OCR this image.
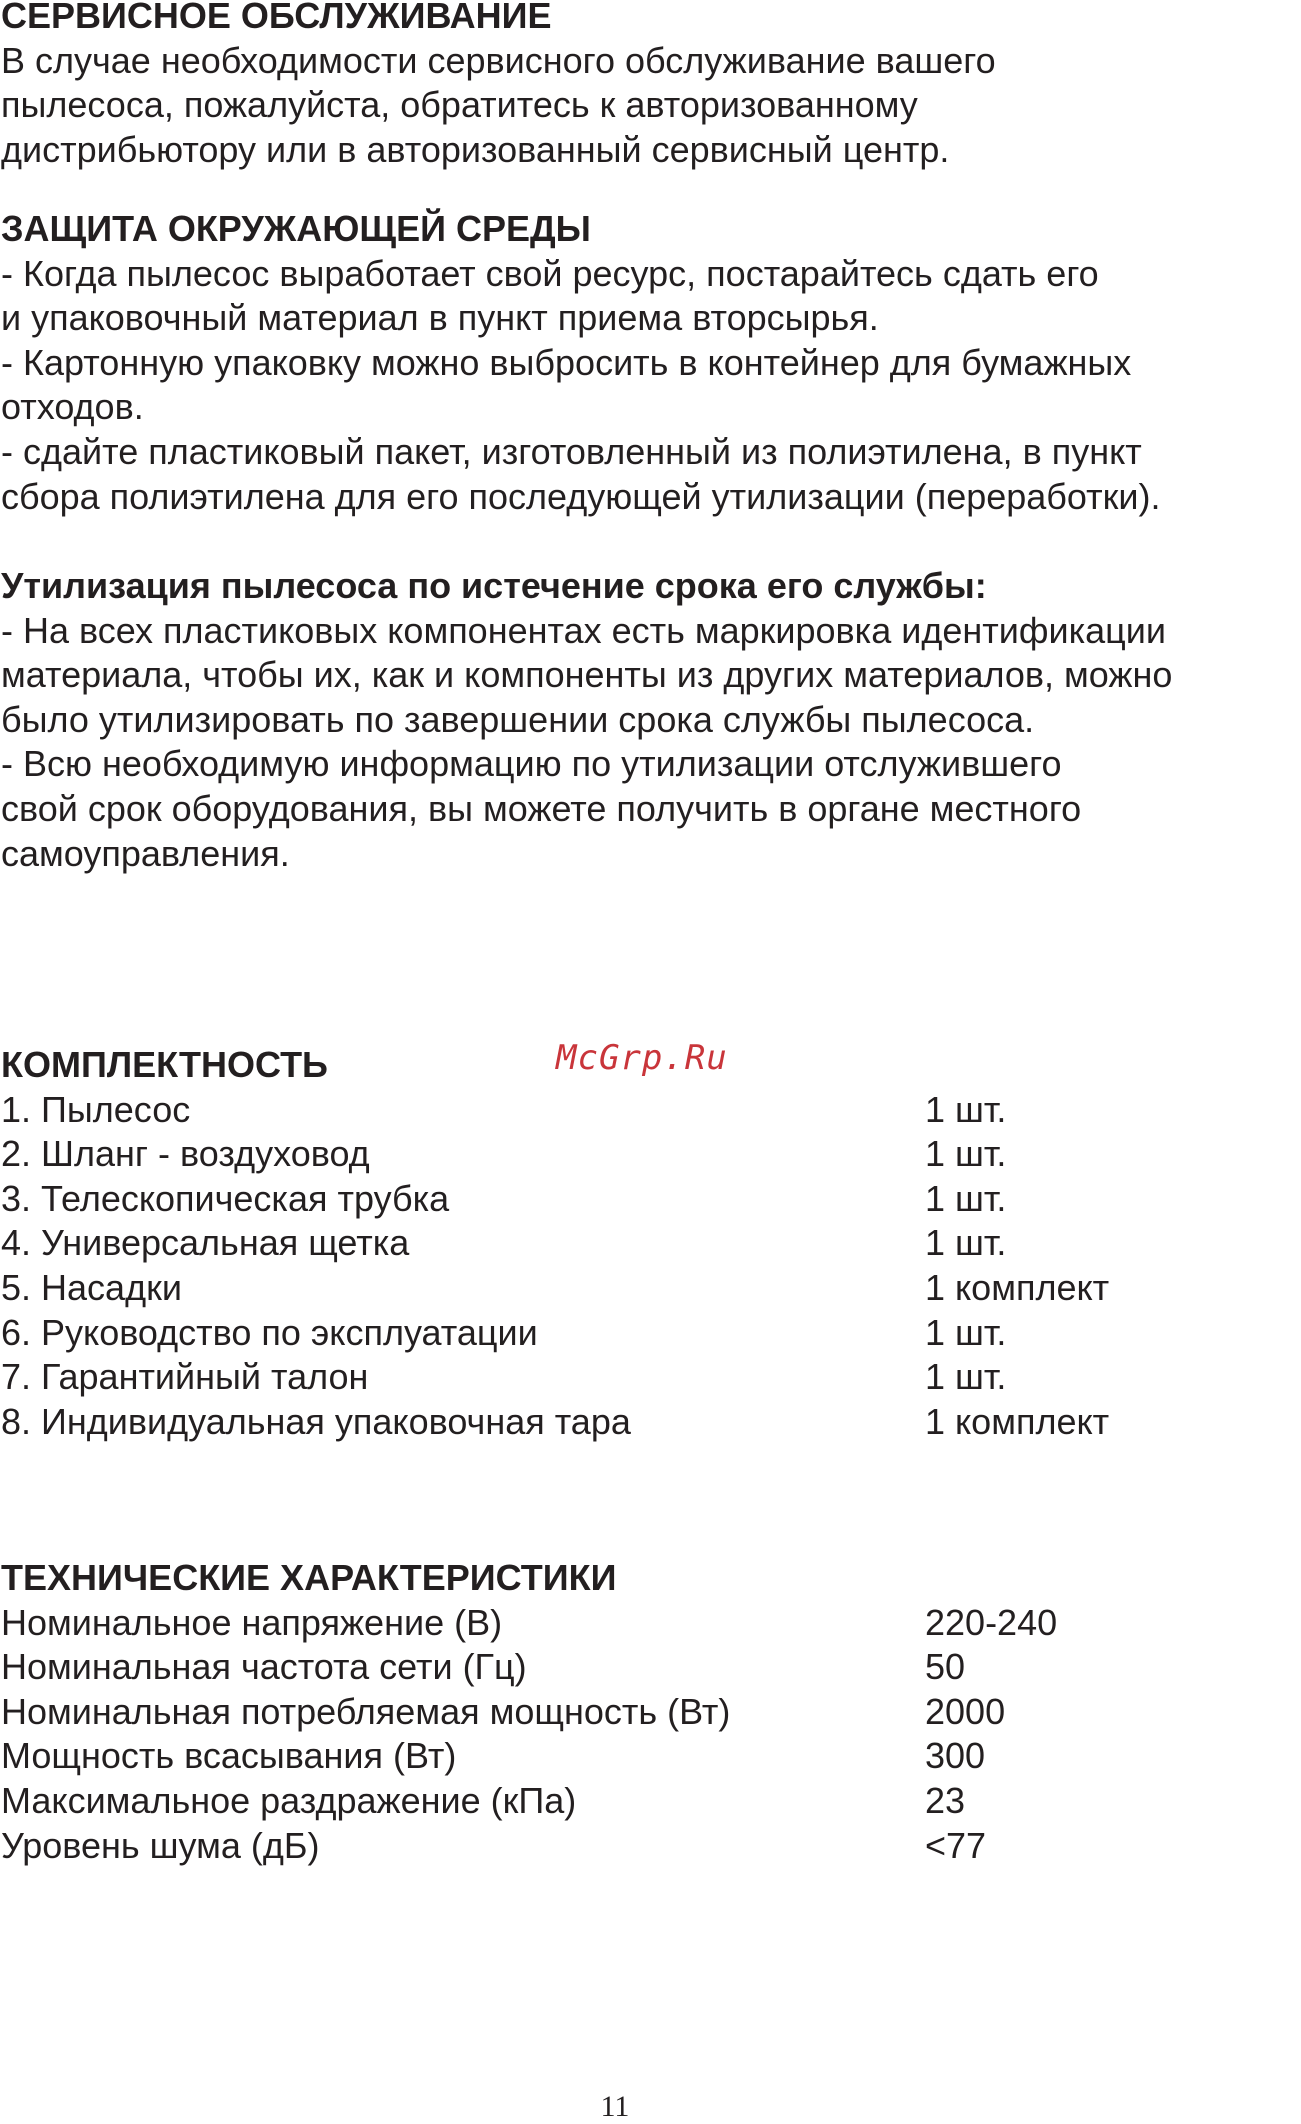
СЕРВИСНОЕ ОБСЛУЖИВАНИЕ
В случае необходимости сервисного обслуживание вашего
пылесоса, пожалуйста, обратитесь к авторизованному
дистрибьютору или в авторизованный сервисный центр.
ЗАЩИТА ОКРУЖАЮЩЕЙ СРЕДЫ
- Когда пылесос выработает свой ресурс, постарайтесь сдать его
и упаковочный материал в пункт приема вторсырья.
- Картонную упаковку можно выбросить в контейнер для бумажных
отходов.
- сдайте пластиковый пакет, изготовленный из полиэтилена, в пункт
сбора полиэтилена для его последующей утилизации (переработки).
Утилизация пылесоса по истечение срока его службы:
- На всех пластиковых компонентах есть маркировка идентификации
материала, чтобы их, как и компоненты из других материалов, можно
было утилизировать по завершении срока службы пылесоса.
- Всю необходимую информацию по утилизации отслужившего
свой срок оборудования, вы можете получить в органе местного
самоуправления.
McGrp.Ru
КОМПЛЕКТНОСТЬ
1. Пылесос	1 шт.
2. Шланг - воздуховод	1 шт.
3. Телескопическая трубка	1 шт.
4. Универсальная щетка	1 шт.
5. Насадки	1 комплект
6. Руководство по эксплуатации	1 шт.
7. Гарантийный талон	1 шт.
8. Индивидуальная упаковочная тара	1 комплект
ТЕХНИЧЕСКИЕ ХАРАКТЕРИСТИКИ
Номинальное напряжение (В)	220-240
Номинальная частота сети (Гц)	50
Номинальная потребляемая мощность (Вт)	2000
Мощность всасывания (Вт)	300
Максимальное раздражение (кПа)	23
Уровень шума (дБ)	<77
11
